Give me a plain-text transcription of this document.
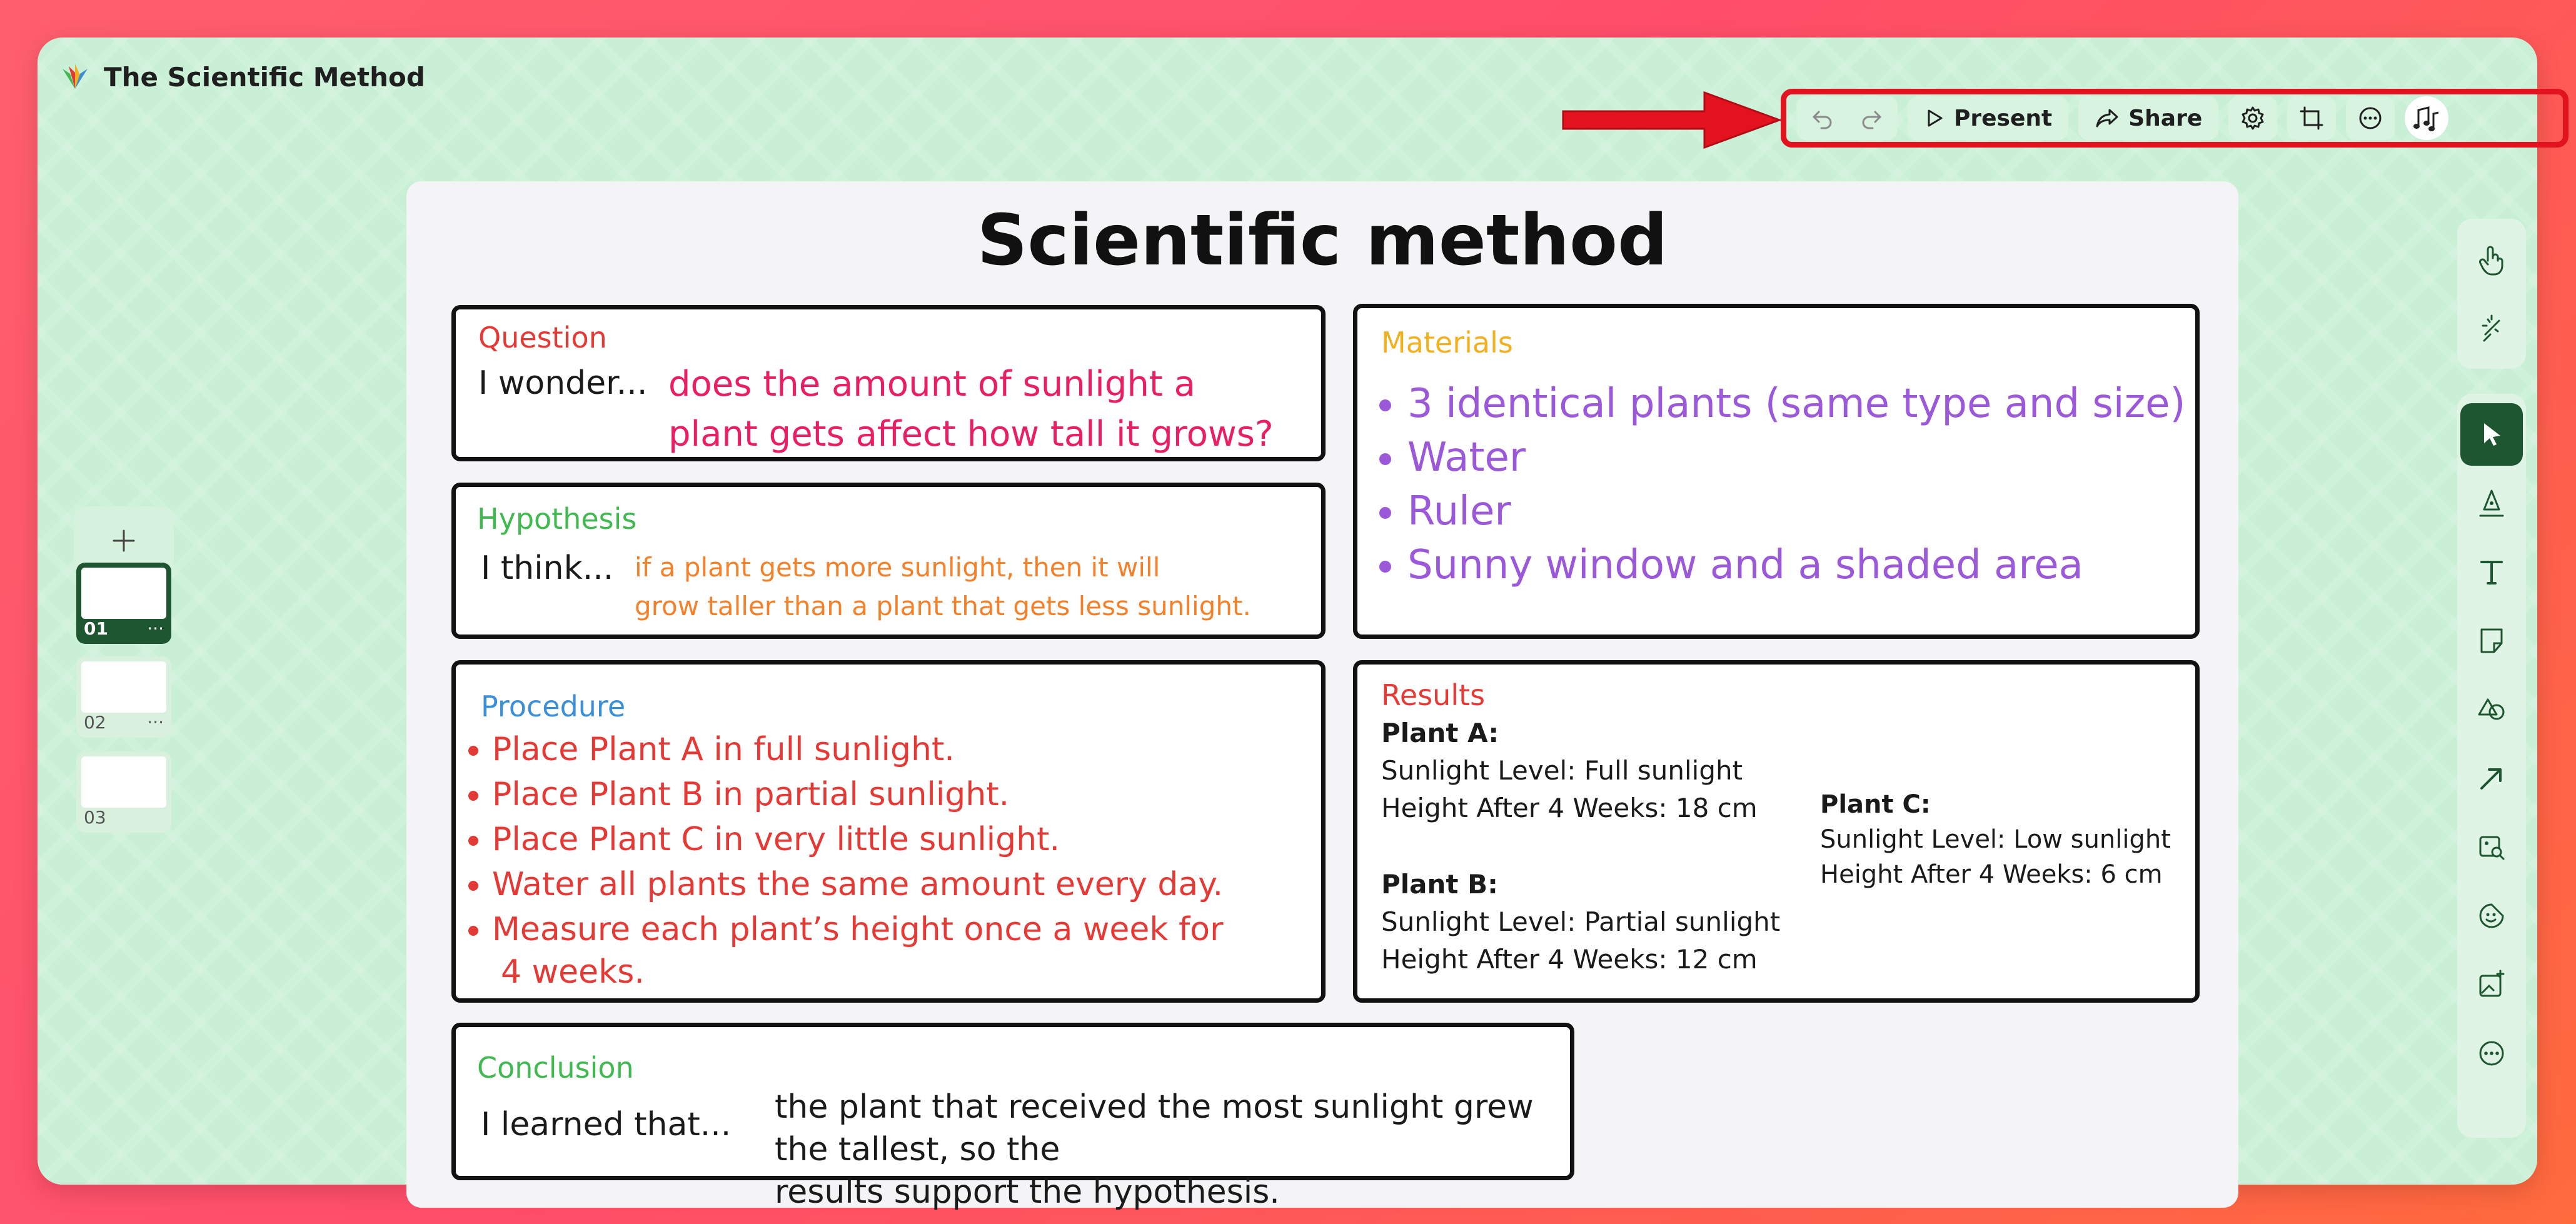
The Scientific Method
Present	Share
01 ···
02 ···
03
Scientific method
Question
I wonder... does the amount of sunlight a
plant gets affect how tall it grows?
Hypothesis
I think... if a plant gets more sunlight, then it will
grow taller than a plant that gets less sunlight.
Materials
• 3 identical plants (same type and size)
• Water
• Ruler
• Sunny window and a shaded area
Procedure
• Place Plant A in full sunlight.
• Place Plant B in partial sunlight.
• Place Plant C in very little sunlight.
• Water all plants the same amount every day.
• Measure each plant’s height once a week for
4 weeks.
Results
Plant A:
Sunlight Level: Full sunlight
Height After 4 Weeks: 18 cm
Plant B:
Sunlight Level: Partial sunlight
Height After 4 Weeks: 12 cm
Plant C:
Sunlight Level: Low sunlight
Height After 4 Weeks: 6 cm
Conclusion
I learned that... the plant that received the most sunlight grew the tallest, so the
results support the hypothesis.
